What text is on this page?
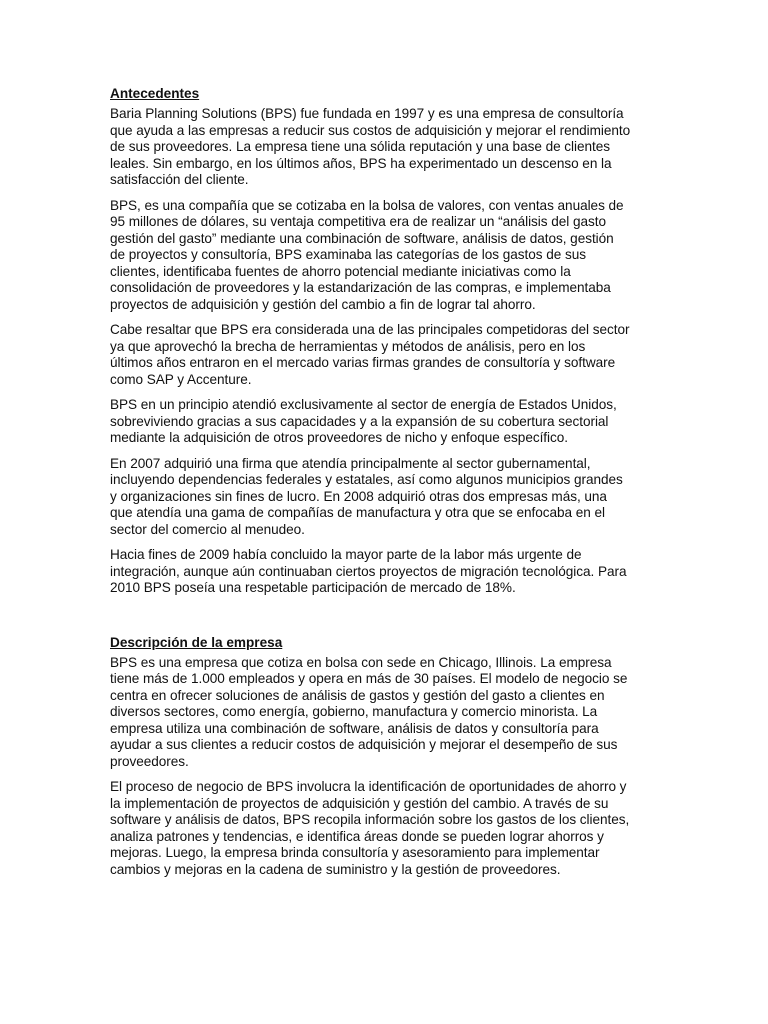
Antecedentes

Baria Planning Solutions (BPS) fue fundada en 1997 y es una empresa de consultoría
que ayuda a las empresas a reducir sus costos de adquisición y mejorar el rendimiento
de sus proveedores. La empresa tiene una sólida reputación y una base de clientes
leales. Sin embargo, en los últimos años, BPS ha experimentado un descenso en la
satisfacción del cliente.

BPS, es una compañía que se cotizaba en la bolsa de valores, con ventas anuales de
95 millones de dólares, su ventaja competitiva era de realizar un “análisis del gasto
gestión del gasto” mediante una combinación de software, análisis de datos, gestión
de proyectos y consultoría, BPS examinaba las categorías de los gastos de sus
clientes, identificaba fuentes de ahorro potencial mediante iniciativas como la
consolidación de proveedores y la estandarización de las compras, e implementaba
proyectos de adquisición y gestión del cambio a fin de lograr tal ahorro.

Cabe resaltar que BPS era considerada una de las principales competidoras del sector
ya que aprovechó la brecha de herramientas y métodos de análisis, pero en los
últimos años entraron en el mercado varias firmas grandes de consultoría y software
como SAP y Accenture.

BPS en un principio atendió exclusivamente al sector de energía de Estados Unidos,
sobreviviendo gracias a sus capacidades y a la expansión de su cobertura sectorial
mediante la adquisición de otros proveedores de nicho y enfoque específico.

En 2007 adquirió una firma que atendía principalmente al sector gubernamental,
incluyendo dependencias federales y estatales, así como algunos municipios grandes
y organizaciones sin fines de lucro. En 2008 adquirió otras dos empresas más, una
que atendía una gama de compañías de manufactura y otra que se enfocaba en el
sector del comercio al menudeo.

Hacia fines de 2009 había concluido la mayor parte de la labor más urgente de
integración, aunque aún continuaban ciertos proyectos de migración tecnológica. Para
2010 BPS poseía una respetable participación de mercado de 18%.

Descripción de la empresa

BPS es una empresa que cotiza en bolsa con sede en Chicago, Illinois. La empresa
tiene más de 1.000 empleados y opera en más de 30 países. El modelo de negocio se
centra en ofrecer soluciones de análisis de gastos y gestión del gasto a clientes en
diversos sectores, como energía, gobierno, manufactura y comercio minorista. La
empresa utiliza una combinación de software, análisis de datos y consultoría para
ayudar a sus clientes a reducir costos de adquisición y mejorar el desempeño de sus
proveedores.

El proceso de negocio de BPS involucra la identificación de oportunidades de ahorro y
la implementación de proyectos de adquisición y gestión del cambio. A través de su
software y análisis de datos, BPS recopila información sobre los gastos de los clientes,
analiza patrones y tendencias, e identifica áreas donde se pueden lograr ahorros y
mejoras. Luego, la empresa brinda consultoría y asesoramiento para implementar
cambios y mejoras en la cadena de suministro y la gestión de proveedores.
